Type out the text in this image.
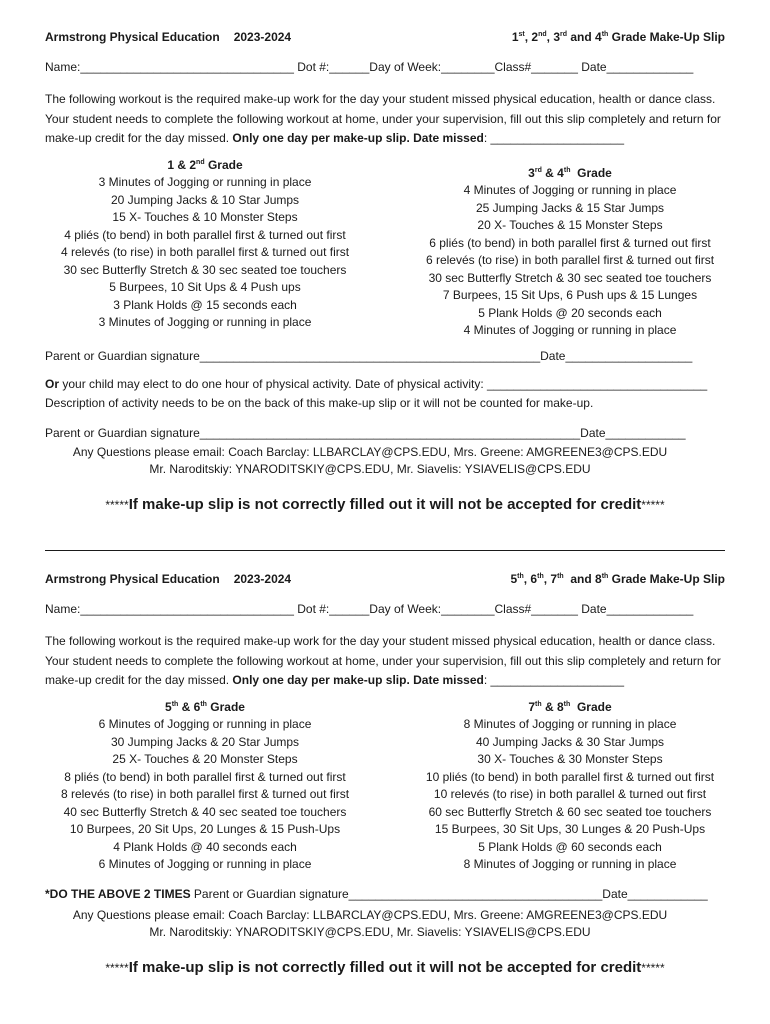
Armstrong Physical Education 2023-2024	1st, 2nd, 3rd and 4th Grade Make-Up Slip
Name:________________________________ Dot #:______Day of Week:________Class#_______ Date_____________
The following workout is the required make-up work for the day your student missed physical education, health or dance class. Your student needs to complete the following workout at home, under your supervision, fill out this slip completely and return for make-up credit for the day missed. Only one day per make-up slip. Date missed: ____________________
1 & 2nd Grade
3 Minutes of Jogging or running in place
20 Jumping Jacks & 10 Star Jumps
15 X- Touches & 10 Monster Steps
4 pliés (to bend) in both parallel first & turned out first
4 relevés (to rise) in both parallel first & turned out first
30 sec Butterfly Stretch & 30 sec seated toe touchers
5 Burpees, 10 Sit Ups & 4 Push ups
3 Plank Holds @ 15 seconds each
3 Minutes of Jogging or running in place
3rd & 4th  Grade
4 Minutes of Jogging or running in place
25 Jumping Jacks & 15 Star Jumps
20 X- Touches & 15 Monster Steps
6 pliés (to bend) in both parallel first & turned out first
6 relevés (to rise) in both parallel first & turned out first
30 sec Butterfly Stretch & 30 sec seated toe touchers
7 Burpees, 15 Sit Ups, 6 Push ups & 15 Lunges
5 Plank Holds @ 20 seconds each
4 Minutes of Jogging or running in place
Parent or Guardian signature___________________________________________________Date___________________
Or your child may elect to do one hour of physical activity. Date of physical activity: _________________________________
Description of activity needs to be on the back of this make-up slip or it will not be counted for make-up.
Parent or Guardian signature_________________________________________________________Date____________
Any Questions please email: Coach Barclay: LLBARCLAY@CPS.EDU, Mrs. Greene: AMGREENE3@CPS.EDU
Mr. Naroditskiy: YNARODITSKIY@CPS.EDU, Mr. Siavelis: YSIAVELIS@CPS.EDU
*****If make-up slip is not correctly filled out it will not be accepted for credit*****
Armstrong Physical Education 2023-2024	5th, 6th, 7th  and 8th Grade Make-Up Slip
Name:________________________________ Dot #:______Day of Week:________Class#_______ Date_____________
The following workout is the required make-up work for the day your student missed physical education, health or dance class. Your student needs to complete the following workout at home, under your supervision, fill out this slip completely and return for make-up credit for the day missed. Only one day per make-up slip. Date missed: ____________________
5th & 6th Grade
6 Minutes of Jogging or running in place
30 Jumping Jacks & 20 Star Jumps
25 X- Touches & 20 Monster Steps
8 pliés (to bend) in both parallel first & turned out first
8 relevés (to rise) in both parallel first & turned out first
40 sec Butterfly Stretch & 40 sec seated toe touchers
10 Burpees, 20 Sit Ups, 20 Lunges & 15 Push-Ups
4 Plank Holds @ 40 seconds each
6 Minutes of Jogging or running in place
7th & 8th  Grade
8 Minutes of Jogging or running in place
40 Jumping Jacks & 30 Star Jumps
30 X- Touches & 30 Monster Steps
10 pliés (to bend) in both parallel first & turned out first
10 relevés (to rise) in both parallel & turned out first
60 sec Butterfly Stretch & 60 sec seated toe touchers
15 Burpees, 30 Sit Ups, 30 Lunges & 20 Push-Ups
5 Plank Holds @ 60 seconds each
8 Minutes of Jogging or running in place
*DO THE ABOVE 2 TIMES Parent or Guardian signature______________________________________Date____________
Any Questions please email: Coach Barclay: LLBARCLAY@CPS.EDU, Mrs. Greene: AMGREENE3@CPS.EDU
Mr. Naroditskiy: YNARODITSKIY@CPS.EDU, Mr. Siavelis: YSIAVELIS@CPS.EDU
*****If make-up slip is not correctly filled out it will not be accepted for credit*****
